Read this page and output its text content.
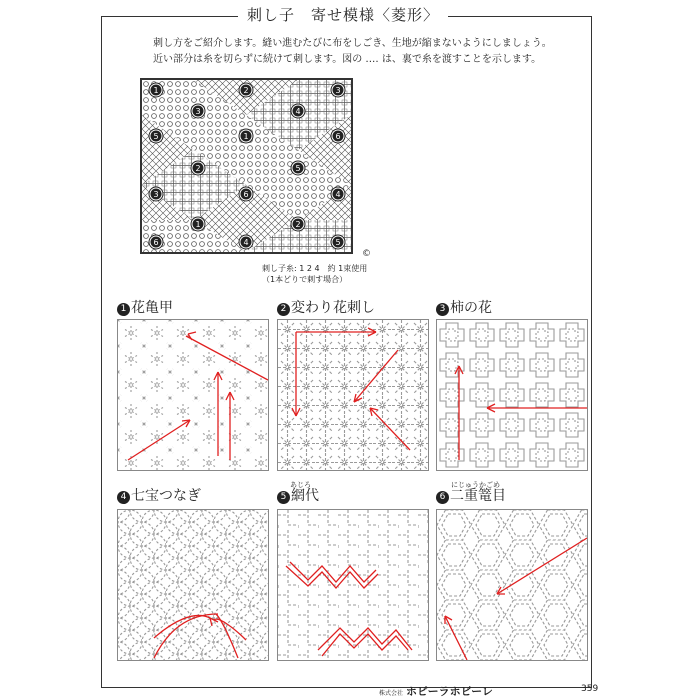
刺し子　寄せ模様〈菱形〉

刺し方をご紹介します。縫い進むたびに布をしごき、生地が縮まないようにしましょう。

近い部分は糸を切らずに続けて刺します。図の ‥‥ は、裏で糸を渡すことを示します。

1	2	3
3	4
5	1	6
2	5
3	6	4
1	2
6	4	5
©
刺し子糸: 1 2 4　約 1束使用
（1本どりで刺す場合）
1 花亀甲	2 変わり花刺し	3 柿の花
4 七宝つなぎ
あじろ
5 網代
にじゅうかごめ
6 二重篭目
株式会社 ホビーラホビーレ	359
